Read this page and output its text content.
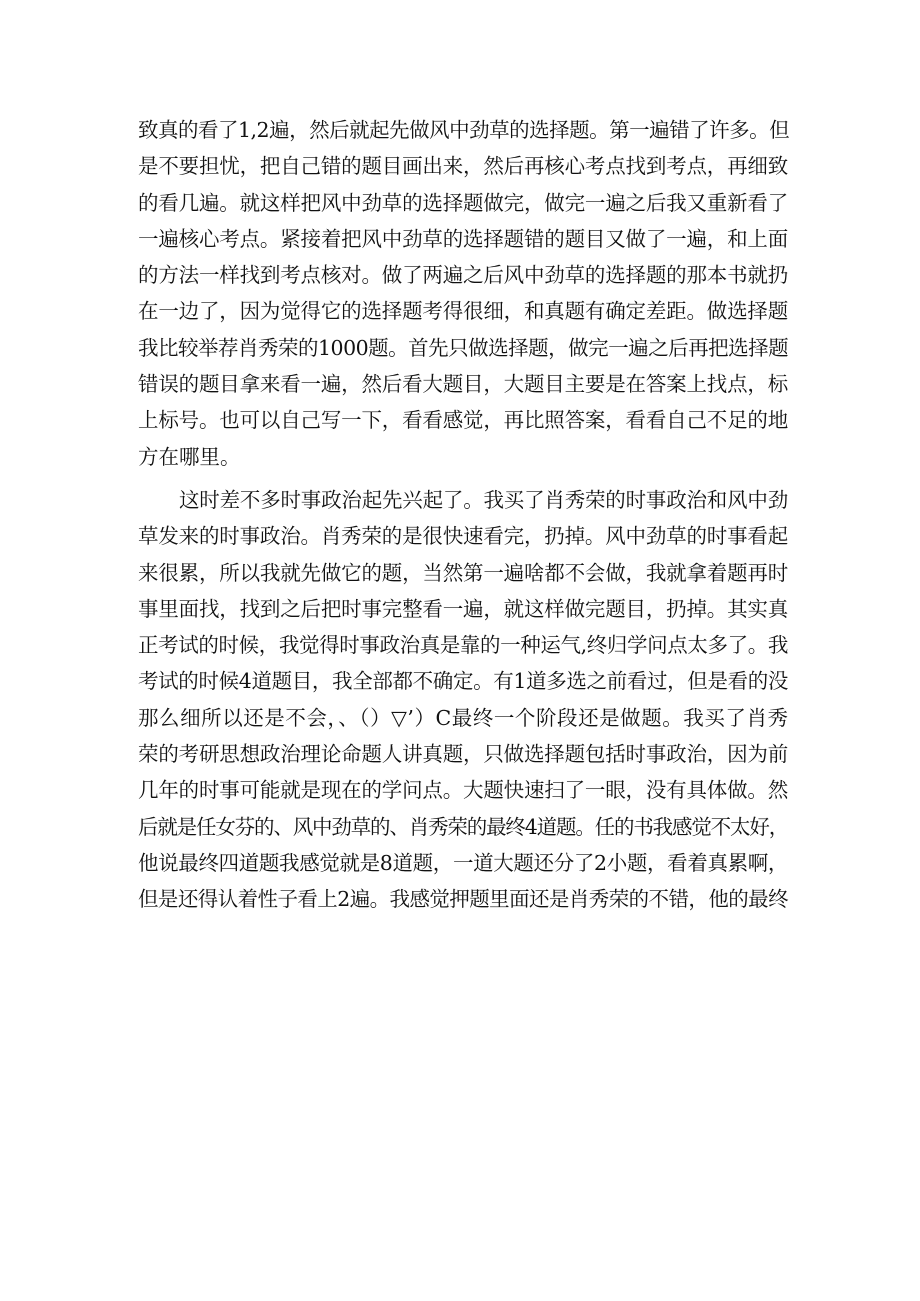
致真的看了1,2遍，然后就起先做风中劲草的选择题。第一遍错了许多。但
是不要担忧，把自己错的题目画出来，然后再核心考点找到考点，再细致
的看几遍。就这样把风中劲草的选择题做完，做完一遍之后我又重新看了
一遍核心考点。紧接着把风中劲草的选择题错的题目又做了一遍，和上面
的方法一样找到考点核对。做了两遍之后风中劲草的选择题的那本书就扔
在一边了，因为觉得它的选择题考得很细，和真题有确定差距。做选择题
我比较举荐肖秀荣的1000题。首先只做选择题，做完一遍之后再把选择题
错误的题目拿来看一遍，然后看大题目，大题目主要是在答案上找点，标
上标号。也可以自己写一下，看看感觉，再比照答案，看看自己不足的地
方在哪里。

这时差不多时事政治起先兴起了。我买了肖秀荣的时事政治和风中劲
草发来的时事政治。肖秀荣的是很快速看完，扔掉。风中劲草的时事看起
来很累，所以我就先做它的题，当然第一遍啥都不会做，我就拿着题再时
事里面找，找到之后把时事完整看一遍，就这样做完题目，扔掉。其实真
正考试的时候，我觉得时事政治真是靠的一种运气,终归学问点太多了。我
考试的时候4道题目，我全部都不确定。有1道多选之前看过，但是看的没
那么细所以还是不会，、（）▽’）C最终一个阶段还是做题。我买了肖秀
荣的考研思想政治理论命题人讲真题，只做选择题包括时事政治，因为前
几年的时事可能就是现在的学问点。大题快速扫了一眼，没有具体做。然
后就是任女芬的、风中劲草的、肖秀荣的最终4道题。任的书我感觉不太好，
他说最终四道题我感觉就是8道题，一道大题还分了2小题，看着真累啊，
但是还得认着性子看上2遍。我感觉押题里面还是肖秀荣的不错，他的最终
